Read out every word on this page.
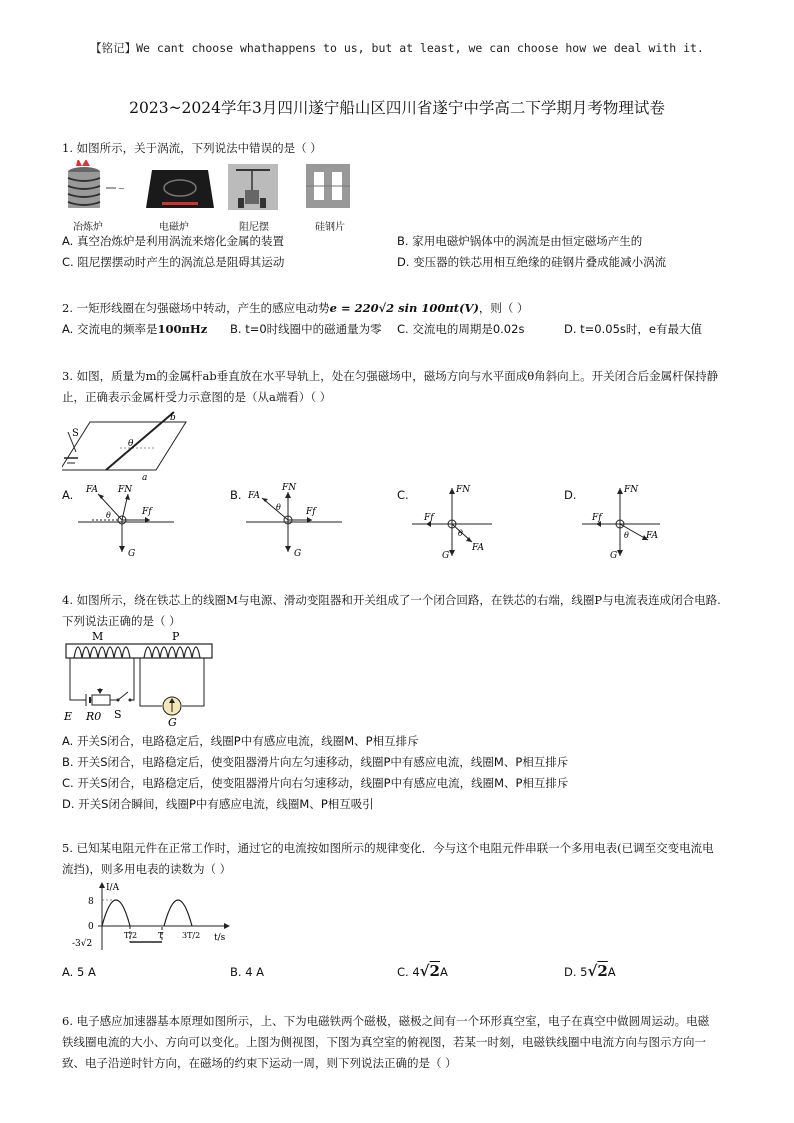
【铭记】We cant choose whathappens to us, but at least, we can choose how we deal with it.
2023~2024学年3月四川遂宁船山区四川省遂宁中学高二下学期月考物理试卷
1. 如图所示，关于涡流，下列说法中错误的是（ ）
~
冶炼炉	电磁炉	阻尼摆	硅钢片
A. 真空冶炼炉是利用涡流来熔化金属的装置	B. 家用电磁炉锅体中的涡流是由恒定磁场产生的
C. 阻尼摆摆动时产生的涡流总是阻碍其运动	D. 变压器的铁芯用相互绝缘的硅钢片叠成能减小涡流
2. 一矩形线圈在匀强磁场中转动，产生的感应电动势e = 220√2 sin 100πt(V)，则（ ）
A. 交流电的频率是100πHz B. t=0时线圈中的磁通量为零 C. 交流电的周期是0.02s	D. t=0.05s时，e有最大值
3. 如图，质量为m的金属杆ab垂直放在水平导轨上，处在匀强磁场中，磁场方向与水平面成θ角斜向上。开关闭合后金属杆保持静
止，正确表示金属杆受力示意图的是（从a端看）（ ）
S
b
a
θ
A. FA FN
Ff
G
θ
B. FA
FN
Ff
G
θ
C.	FN
Ff
FA
G
θ
D.	FN
Ff
FA
G
θ
4. 如图所示，绕在铁芯上的线圈M与电源、滑动变阻器和开关组成了一个闭合回路，在铁芯的右端，线圈P与电流表连成闭合电路.
下列说法正确的是（ ）
M	P
E R0 S
G
A. 开关S闭合，电路稳定后，线圈P中有感应电流，线圈M、P相互排斥
B. 开关S闭合，电路稳定后，使变阻器滑片向左匀速移动，线圈P中有感应电流，线圈M、P相互排斥
C. 开关S闭合，电路稳定后，使变阻器滑片向右匀速移动，线圈P中有感应电流，线圈M、P相互排斥
D. 开关S闭合瞬间，线圈P中有感应电流，线圈M、P相互吸引
5. 已知某电阻元件在正常工作时，通过它的电流按如图所示的规律变化．今与这个电阻元件串联一个多用电表(已调至交变电流电
流挡)，则多用电表的读数为（ ）
I/A
t/s
8
0
-3√2
T/2	T 3T/2
A. 5 A	B. 4 A	C. 4√2A	D. 5√2A
6. 电子感应加速器基本原理如图所示，上、下为电磁铁两个磁极，磁极之间有一个环形真空室，电子在真空中做圆周运动。电磁
铁线圈电流的大小、方向可以变化。上图为侧视图，下图为真空室的俯视图，若某一时刻，电磁铁线圈中电流方向与图示方向一
致、电子沿逆时针方向，在磁场的约束下运动一周，则下列说法正确的是（ ）
